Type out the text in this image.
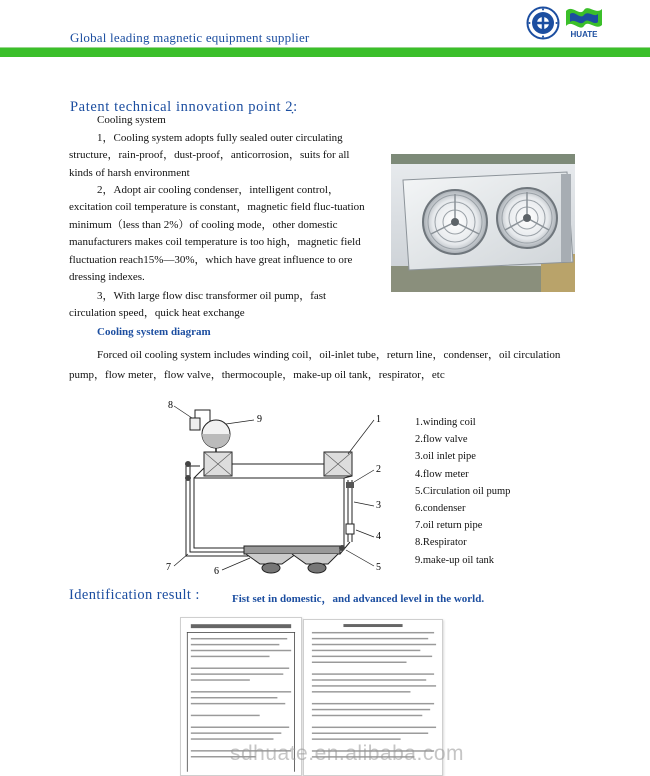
Global leading magnetic equipment supplier	HUATE
Patent technical innovation point 2̣:
Cooling system
1，Cooling system adopts fully sealed outer circulating structure，rain-proof，dust-proof，anticorrosion，suits for all kinds of harsh environment
2，Adopt air cooling condenser，intelligent control，excitation coil temperature is constant，magnetic field fluc-tuation minimum（less than 2%）of cooling mode，other domestic manufacturers makes coil temperature is too high，magnetic field fluctuation reach15%—30%，which have great influence to ore dressing indexes.
3，With large flow disc transformer oil pump，fast circulation speed，quick heat exchange
Cooling system diagram
Forced oil cooling system includes winding coil，oil-inlet tube，return line，condenser，oil circulation pump，flow meter，flow valve，thermocouple，make-up oil tank，respirator，etc
8
9	1
2
3
4
5
6
7
1.winding coil
2.flow valve
3.oil inlet pipe
4.flow meter
5.Circulation oil pump
6.condenser
7.oil return pipe
8.Respirator
9.make-up oil tank
Identification result :	Fist set in domestic，and advanced level in the world.
sdhuate.en.alibaba.com
